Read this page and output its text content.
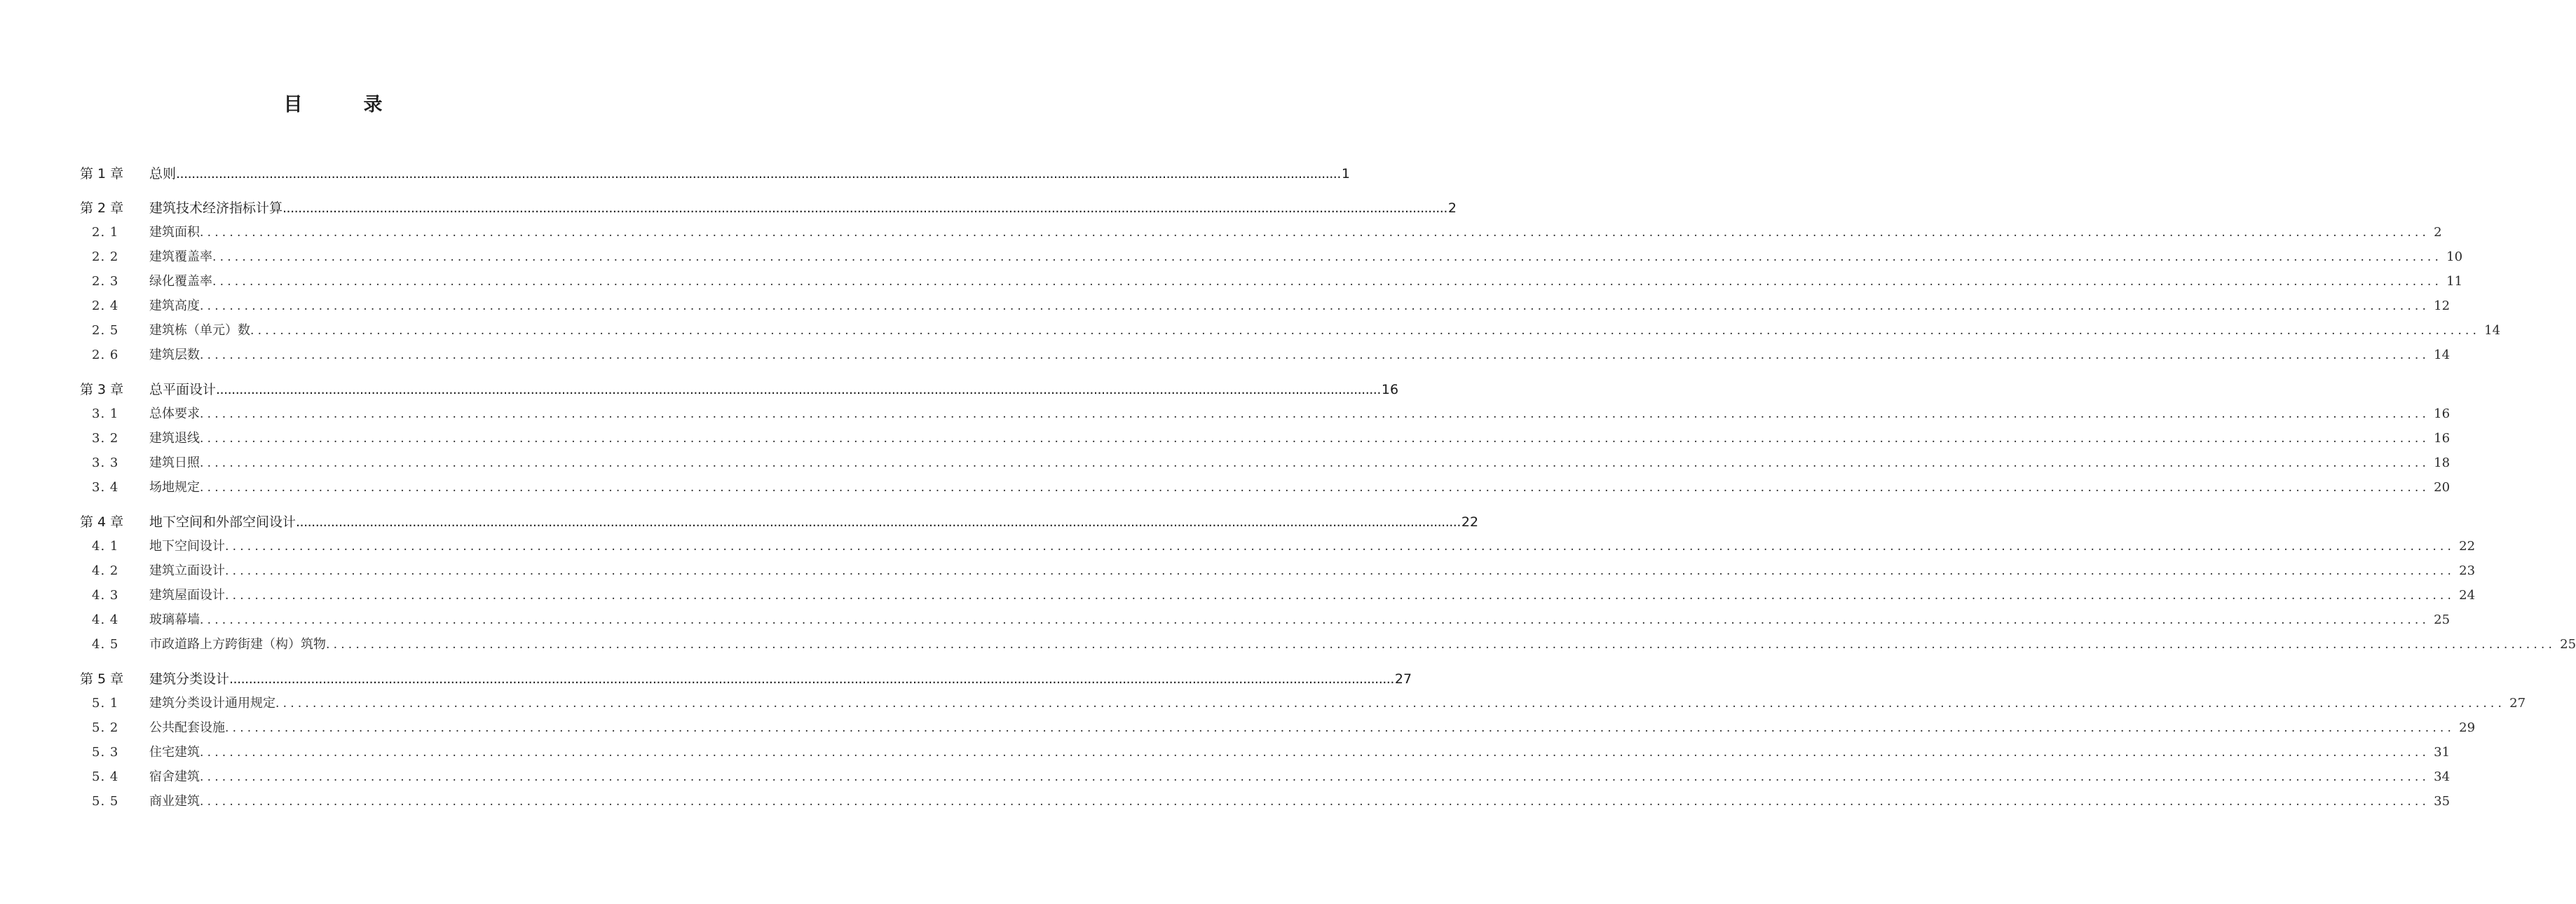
目　录
第 1 章 总则 ............................................................................................................................................................................................................................................................................................................ 1
第 2 章 建筑技术经济指标计算 ............................................................................................................................................................................................................................................................................................................ 2
2. 1 建筑面积 ............................................................................................................................................................................................................................................................................................................ 2
2. 2 建筑覆盖率 ............................................................................................................................................................................................................................................................................................................ 10
2. 3 绿化覆盖率 ............................................................................................................................................................................................................................................................................................................ 11
2. 4 建筑高度 ............................................................................................................................................................................................................................................................................................................ 12
2. 5 建筑栋（单元）数 ............................................................................................................................................................................................................................................................................................................ 14
2. 6 建筑层数 ............................................................................................................................................................................................................................................................................................................ 14
第 3 章 总平面设计 ............................................................................................................................................................................................................................................................................................................ 16
3. 1 总体要求 ............................................................................................................................................................................................................................................................................................................ 16
3. 2 建筑退线 ............................................................................................................................................................................................................................................................................................................ 16
3. 3 建筑日照 ............................................................................................................................................................................................................................................................................................................ 18
3. 4 场地规定 ............................................................................................................................................................................................................................................................................................................ 20
第 4 章 地下空间和外部空间设计 ............................................................................................................................................................................................................................................................................................................ 22
4. 1 地下空间设计 ............................................................................................................................................................................................................................................................................................................ 22
4. 2 建筑立面设计 ............................................................................................................................................................................................................................................................................................................ 23
4. 3 建筑屋面设计 ............................................................................................................................................................................................................................................................................................................ 24
4. 4 玻璃幕墙 ............................................................................................................................................................................................................................................................................................................ 25
4. 5 市政道路上方跨街建（构）筑物 ............................................................................................................................................................................................................................................................................................................ 25
第 5 章 建筑分类设计 ............................................................................................................................................................................................................................................................................................................ 27
5. 1 建筑分类设计通用规定 ............................................................................................................................................................................................................................................................................................................ 27
5. 2 公共配套设施 ............................................................................................................................................................................................................................................................................................................ 29
5. 3 住宅建筑 ............................................................................................................................................................................................................................................................................................................ 31
5. 4 宿舍建筑 ............................................................................................................................................................................................................................................................................................................ 34
5. 5 商业建筑 ............................................................................................................................................................................................................................................................................................................ 35
